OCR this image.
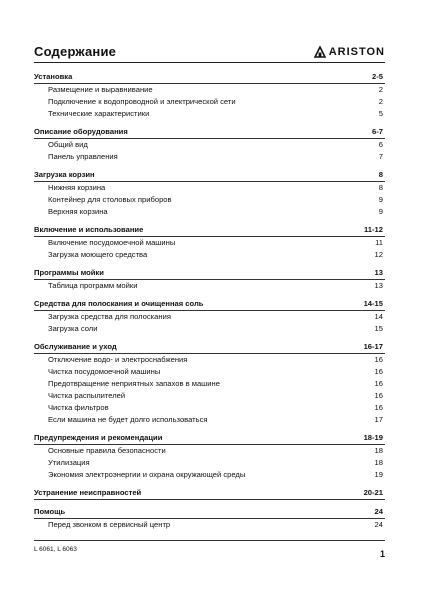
Содержание	ARISTON
Установка	2-5
Размещение и выравнивание	2
Подключение к водопроводной и электрической сети	2
Технические характеристики	5
Описание оборудования	6-7
Общий вид	6
Панель управления	7
Загрузка корзин	8
Нижняя корзина	8
Контейнер для столовых приборов	9
Верхняя корзина	9
Включение и использование	11-12
Включение посудомоечной машины	11
Загрузка моющего средства	12
Программы мойки	13
Таблица программ мойки	13
Средства для полоскания и очищенная соль	14-15
Загрузка средства для полоскания	14
Загрузка соли	15
Обслуживание и уход	16-17
Отключение водо- и электроснабжения	16
Чистка посудомоечной машины	16
Предотвращение неприятных запахов в машине	16
Чистка распылителей	16
Чистка фильтров	16
Если машина не будет долго использоваться	17
Предупреждения и рекомендации	18-19
Основные правила безопасности	18
Утилизация	18
Экономия электроэнергии и охрана окружающей среды	19
Устранение неисправностей	20-21
Помощь	24
Перед звонком в сервисный центр	24
L 6061, L 6063	1
